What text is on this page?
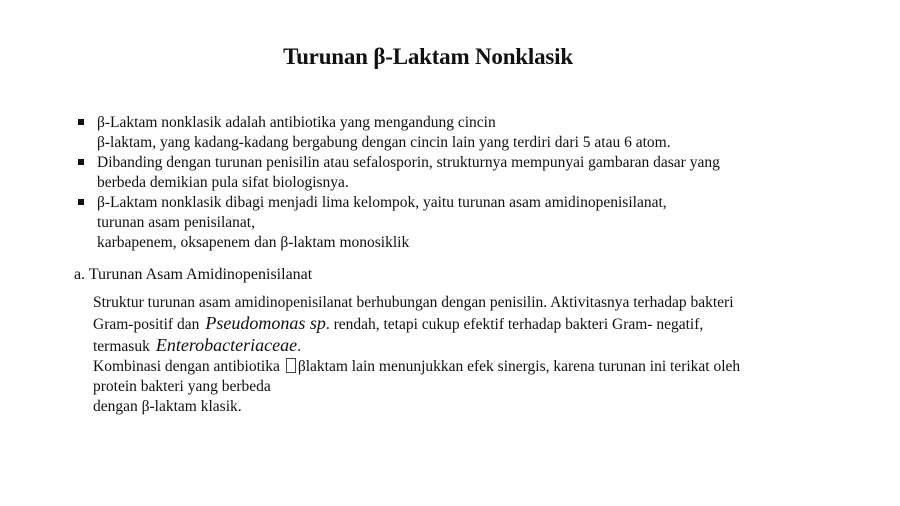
Turunan β-Laktam Nonklasik
β-Laktam nonklasik adalah antibiotika yang mengandung cincin
β-laktam, yang kadang-kadang bergabung dengan cincin lain yang terdiri dari 5 atau 6 atom.
Dibanding dengan turunan penisilin atau sefalosporin, strukturnya mempunyai gambaran dasar yang
berbeda demikian pula sifat biologisnya.
β-Laktam nonklasik dibagi menjadi lima kelompok, yaitu turunan asam amidinopenisilanat,
turunan asam penisilanat,
karbapenem, oksapenem dan β-laktam monosiklik
a. Turunan Asam Amidinopenisilanat
Struktur turunan asam amidinopenisilanat berhubungan dengan penisilin. Aktivitasnya terhadap bakteri
Gram-positif dan Pseudomonas sp. rendah, tetapi cukup efektif terhadap bakteri Gram- negatif,
termasuk Enterobacteriaceae.
Kombinasi dengan antibiotika βlaktam lain menunjukkan efek sinergis, karena turunan ini terikat oleh
protein bakteri yang berbeda
dengan β-laktam klasik.
